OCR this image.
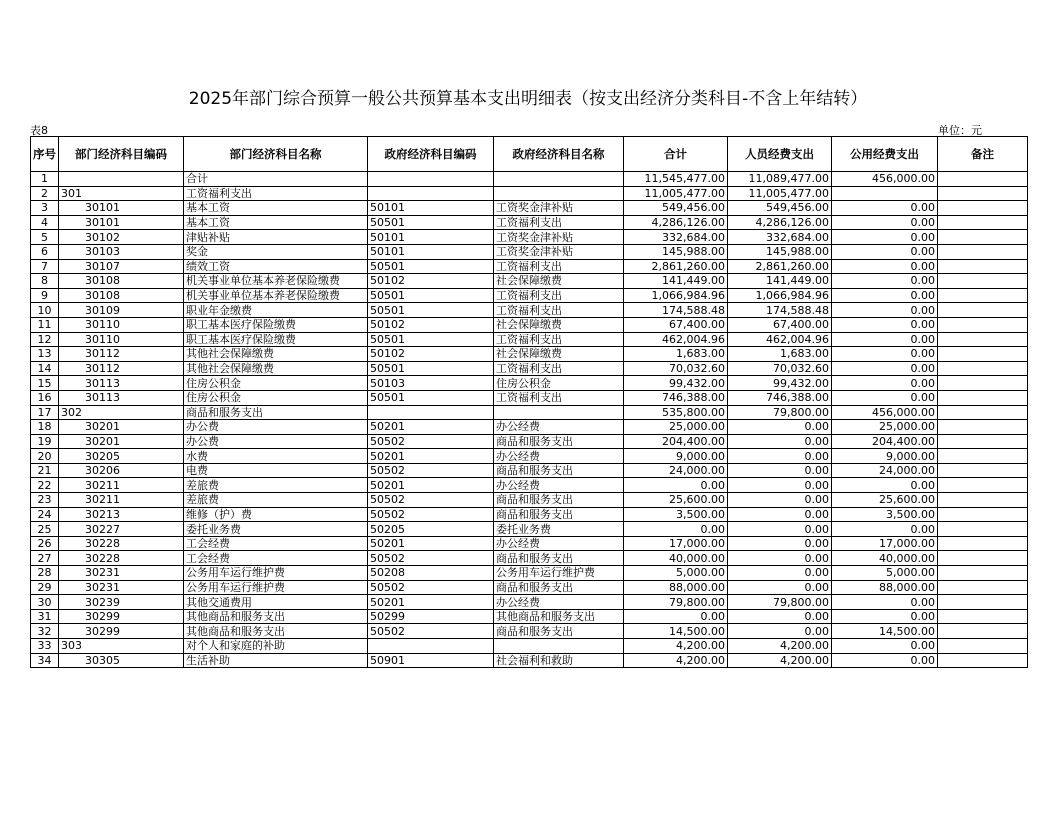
2025年部门综合预算一般公共预算基本支出明细表（按支出经济分类科目-不含上年结转）
表8	单位：元
序号	部门经济科目编码	部门经济科目名称	政府经济科目编码	政府经济科目名称	合计	人员经费支出	公用经费支出	备注
1		合计			11,545,477.00	11,089,477.00	456,000.00	
2	301	工资福利支出			11,005,477.00	11,005,477.00		
3	30101	基本工资	50101	工资奖金津补贴	549,456.00	549,456.00	0.00	
4	30101	基本工资	50501	工资福利支出	4,286,126.00	4,286,126.00	0.00	
5	30102	津贴补贴	50101	工资奖金津补贴	332,684.00	332,684.00	0.00	
6	30103	奖金	50101	工资奖金津补贴	145,988.00	145,988.00	0.00	
7	30107	绩效工资	50501	工资福利支出	2,861,260.00	2,861,260.00	0.00	
8	30108	机关事业单位基本养老保险缴费	50102	社会保障缴费	141,449.00	141,449.00	0.00	
9	30108	机关事业单位基本养老保险缴费	50501	工资福利支出	1,066,984.96	1,066,984.96	0.00	
10	30109	职业年金缴费	50501	工资福利支出	174,588.48	174,588.48	0.00	
11	30110	职工基本医疗保险缴费	50102	社会保障缴费	67,400.00	67,400.00	0.00	
12	30110	职工基本医疗保险缴费	50501	工资福利支出	462,004.96	462,004.96	0.00	
13	30112	其他社会保障缴费	50102	社会保障缴费	1,683.00	1,683.00	0.00	
14	30112	其他社会保障缴费	50501	工资福利支出	70,032.60	70,032.60	0.00	
15	30113	住房公积金	50103	住房公积金	99,432.00	99,432.00	0.00	
16	30113	住房公积金	50501	工资福利支出	746,388.00	746,388.00	0.00	
17	302	商品和服务支出			535,800.00	79,800.00	456,000.00	
18	30201	办公费	50201	办公经费	25,000.00	0.00	25,000.00	
19	30201	办公费	50502	商品和服务支出	204,400.00	0.00	204,400.00	
20	30205	水费	50201	办公经费	9,000.00	0.00	9,000.00	
21	30206	电费	50502	商品和服务支出	24,000.00	0.00	24,000.00	
22	30211	差旅费	50201	办公经费	0.00	0.00	0.00	
23	30211	差旅费	50502	商品和服务支出	25,600.00	0.00	25,600.00	
24	30213	维修（护）费	50502	商品和服务支出	3,500.00	0.00	3,500.00	
25	30227	委托业务费	50205	委托业务费	0.00	0.00	0.00	
26	30228	工会经费	50201	办公经费	17,000.00	0.00	17,000.00	
27	30228	工会经费	50502	商品和服务支出	40,000.00	0.00	40,000.00	
28	30231	公务用车运行维护费	50208	公务用车运行维护费	5,000.00	0.00	5,000.00	
29	30231	公务用车运行维护费	50502	商品和服务支出	88,000.00	0.00	88,000.00	
30	30239	其他交通费用	50201	办公经费	79,800.00	79,800.00	0.00	
31	30299	其他商品和服务支出	50299	其他商品和服务支出	0.00	0.00	0.00	
32	30299	其他商品和服务支出	50502	商品和服务支出	14,500.00	0.00	14,500.00	
33	303	对个人和家庭的补助			4,200.00	4,200.00	0.00	
34	30305	生活补助	50901	社会福利和救助	4,200.00	4,200.00	0.00	
